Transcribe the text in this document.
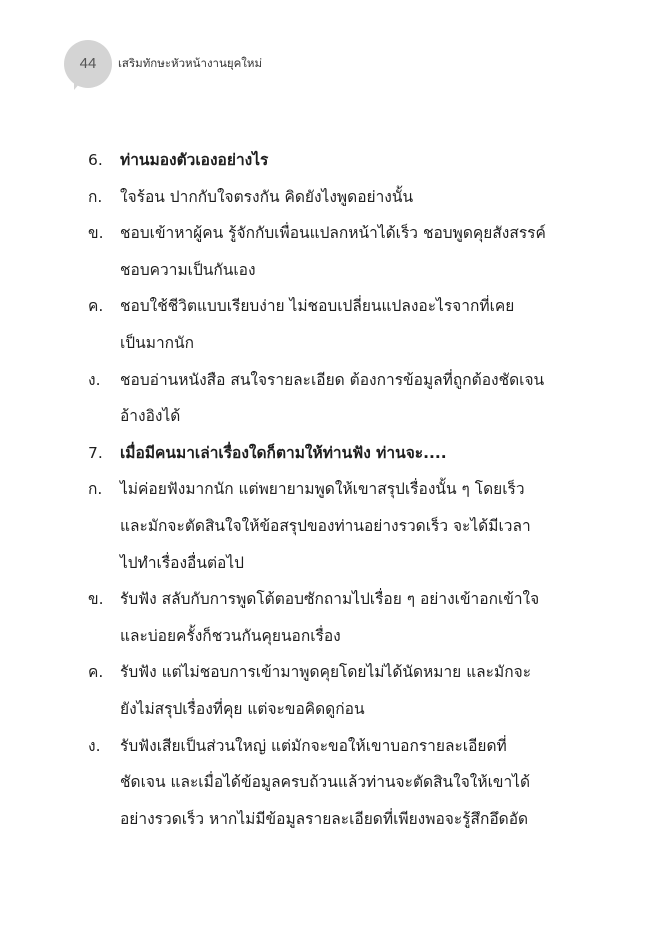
44	เสริมทักษะหัวหน้างานยุคใหม่
6.	ท่านมองตัวเองอย่างไร
ก.	ใจร้อน ปากกับใจตรงกัน คิดยังไงพูดอย่างนั้น
ข.	ชอบเข้าหาผู้คน รู้จักกับเพื่อนแปลกหน้าได้เร็ว ชอบพูดคุยสังสรรค์
ชอบความเป็นกันเอง
ค.	ชอบใช้ชีวิตแบบเรียบง่าย ไม่ชอบเปลี่ยนแปลงอะไรจากที่เคย
เป็นมากนัก
ง.	ชอบอ่านหนังสือ สนใจรายละเอียด ต้องการข้อมูลที่ถูกต้องชัดเจน
อ้างอิงได้
7.	เมื่อมีคนมาเล่าเรื่องใดก็ตามให้ท่านฟัง ท่านจะ....
ก.	ไม่ค่อยฟังมากนัก แต่พยายามพูดให้เขาสรุปเรื่องนั้น ๆ โดยเร็ว
และมักจะตัดสินใจให้ข้อสรุปของท่านอย่างรวดเร็ว จะได้มีเวลา
ไปทำเรื่องอื่นต่อไป
ข.	รับฟัง สลับกับการพูดโต้ตอบซักถามไปเรื่อย ๆ อย่างเข้าอกเข้าใจ
และบ่อยครั้งก็ชวนกันคุยนอกเรื่อง
ค.	รับฟัง แต่ไม่ชอบการเข้ามาพูดคุยโดยไม่ได้นัดหมาย และมักจะ
ยังไม่สรุปเรื่องที่คุย แต่จะขอคิดดูก่อน
ง.	รับฟังเสียเป็นส่วนใหญ่ แต่มักจะขอให้เขาบอกรายละเอียดที่
ชัดเจน และเมื่อได้ข้อมูลครบถ้วนแล้วท่านจะตัดสินใจให้เขาได้
อย่างรวดเร็ว หากไม่มีข้อมูลรายละเอียดที่เพียงพอจะรู้สึกอึดอัด
